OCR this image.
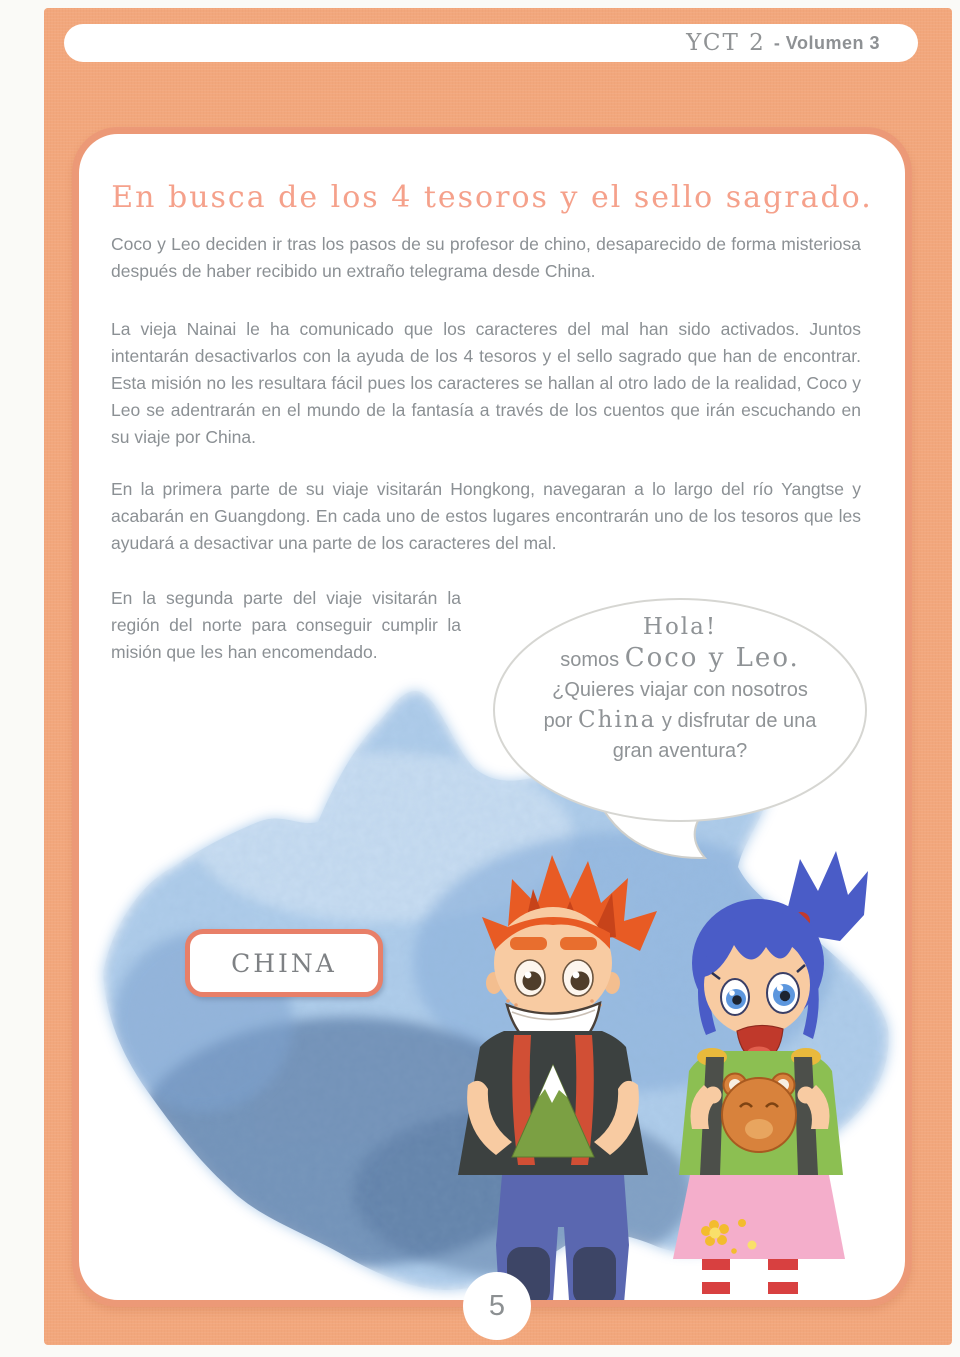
YCT 2 - Volumen 3
En busca de los 4 tesoros y el sello sagrado.

Coco y Leo deciden ir tras los pasos de su profesor de chino, desaparecido de forma misteriosa después de haber recibido un extraño telegrama desde China.

La vieja Nainai le ha comunicado que los caracteres del mal han sido activados. Juntos intentarán desactivarlos con la ayuda de los 4 tesoros y el sello sagrado que han de encontrar. Esta misión no les resultara fácil pues los caracteres se hallan al otro lado de la realidad, Coco y Leo se adentrarán en el mundo de la fantasía a través de los cuentos que irán escuchando en su viaje por China.

En la primera parte de su viaje visitarán Hongkong, navegaran a lo largo del río Yangtse y acabarán en Guangdong. En cada uno de estos lugares encontrarán uno de los tesoros que les ayudará a desactivar una parte de los caracteres del mal.

En la segunda parte del viaje visitarán la región del norte para conseguir cumplir la misión que les han encomendado.

Hola!
somos Coco y Leo.
¿Quieres viajar con nosotros
por China y disfrutar de una
gran aventura?
CHINA
5
